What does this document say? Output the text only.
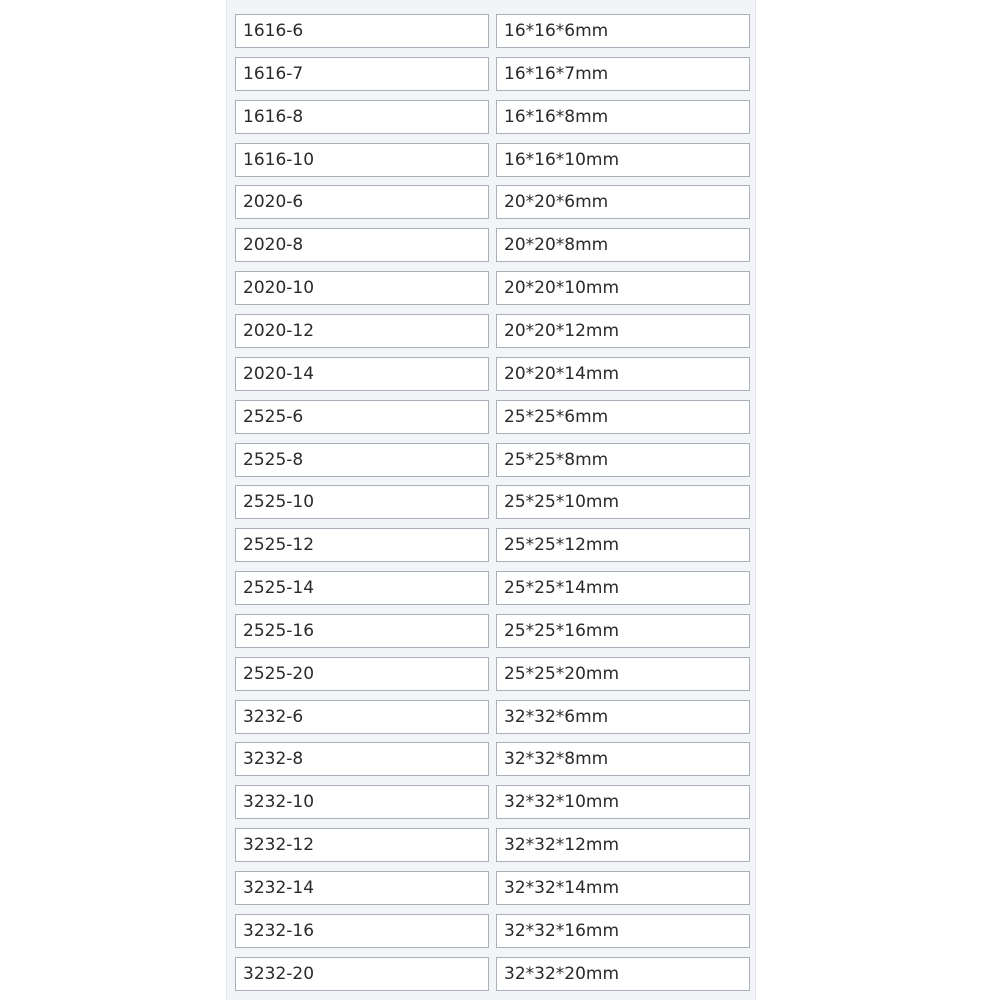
1616-6	16*16*6mm
1616-7	16*16*7mm
1616-8	16*16*8mm
1616-10	16*16*10mm
2020-6	20*20*6mm
2020-8	20*20*8mm
2020-10	20*20*10mm
2020-12	20*20*12mm
2020-14	20*20*14mm
2525-6	25*25*6mm
2525-8	25*25*8mm
2525-10	25*25*10mm
2525-12	25*25*12mm
2525-14	25*25*14mm
2525-16	25*25*16mm
2525-20	25*25*20mm
3232-6	32*32*6mm
3232-8	32*32*8mm
3232-10	32*32*10mm
3232-12	32*32*12mm
3232-14	32*32*14mm
3232-16	32*32*16mm
3232-20	32*32*20mm
